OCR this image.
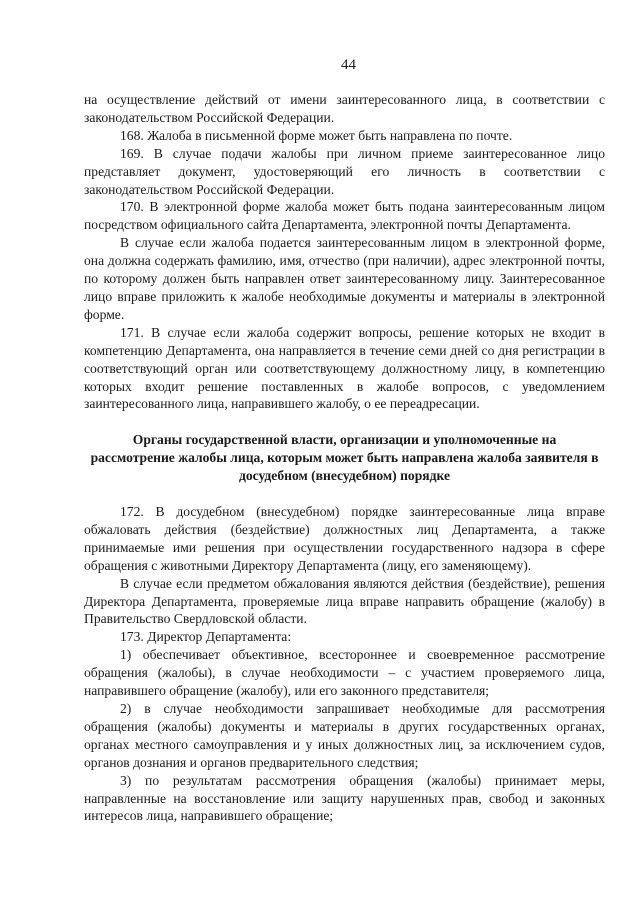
44

на осуществление действий от имени заинтересованного лица, в соответствии с законодательством Российской Федерации.

168. Жалоба в письменной форме может быть направлена по почте.

169. В случае подачи жалобы при личном приеме заинтересованное лицо представляет документ, удостоверяющий его личность в соответствии с законодательством Российской Федерации.

170. В электронной форме жалоба может быть подана заинтересованным лицом посредством официального сайта Департамента, электронной почты Департамента.

В случае если жалоба подается заинтересованным лицом в электронной форме, она должна содержать фамилию, имя, отчество (при наличии), адрес электронной почты, по которому должен быть направлен ответ заинтересованному лицу. Заинтересованное лицо вправе приложить к жалобе необходимые документы и материалы в электронной форме.

171. В случае если жалоба содержит вопросы, решение которых не входит в компетенцию Департамента, она направляется в течение семи дней со дня регистрации в соответствующий орган или соответствующему должностному лицу, в компетенцию которых входит решение поставленных в жалобе вопросов, с уведомлением заинтересованного лица, направившего жалобу, о ее переадресации.

Органы государственной власти, организации и уполномоченные на рассмотрение жалобы лица, которым может быть направлена жалоба заявителя в досудебном (внесудебном) порядке

172. В досудебном (внесудебном) порядке заинтересованные лица вправе обжаловать действия (бездействие) должностных лиц Департамента, а также принимаемые ими решения при осуществлении государственного надзора в сфере обращения с животными Директору Департамента (лицу, его заменяющему).

В случае если предметом обжалования являются действия (бездействие), решения Директора Департамента, проверяемые лица вправе направить обращение (жалобу) в Правительство Свердловской области.

173. Директор Департамента:

1) обеспечивает объективное, всестороннее и своевременное рассмотрение обращения (жалобы), в случае необходимости – с участием проверяемого лица, направившего обращение (жалобу), или его законного представителя;

2) в случае необходимости запрашивает необходимые для рассмотрения обращения (жалобы) документы и материалы в других государственных органах, органах местного самоуправления и у иных должностных лиц, за исключением судов, органов дознания и органов предварительного следствия;

3) по результатам рассмотрения обращения (жалобы) принимает меры, направленные на восстановление или защиту нарушенных прав, свобод и законных интересов лица, направившего обращение;
